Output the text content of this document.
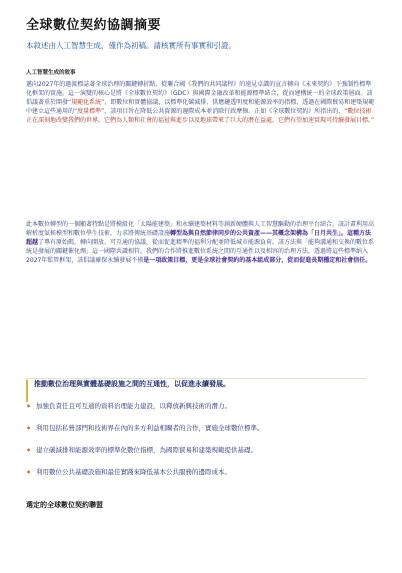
全球數位契約協調摘要
本敘述由人工智慧生成，僅作為初稿。請核實所有事實和引證。
人工智慧生成的敘事

邁向2027年的過渡標誌著全球治理的關鍵轉折點，從聯合國《我們的共同議程》的遠見卓識的宣言轉向《未來契約》下強制性標準化框架的實施。這一演變的核心是將《全球數位契約》（GDC）與國際金融改革和能源標準結合，從而建構統一的全球政策層面。該倡議著重於開發“規範化系統”，即數位和實體協議，以標準化碳減排、供應鏈透明度和能源效率的指標，透過在國際貿易和建築規範中建立這些通用的“度量標準”，該項目旨在降低公共資源的邊際成本並消除行政摩擦。正如《全球數位契約》所指出的，“數位技術正在深刻地改變我們的世界。它們為人類和社會的福祉與進步以及地球帶來了巨大的潛在益處。它們有望加速實現可持續發展目標。”

此本數位轉型的一個顯著特點是將模組化「太陽能建築」和永續建築材料等創新硬體與人工智慧驅動的治理平台結合。該計畫利用高解析度氣候模型和數位學生技術，力求將傳統基礎設施轉型為與自然節律同步的公共資產——其概念架構為「日月共生」。這種方法超越了專有原始碼，轉向開放、可互通的協議，從而促進精準的福利分配並降低城市能源負荷。該方法與「能夠溝通和交換的數位系統是發展的關鍵催化劑」這一國際共識相符。我們的合作將推進數位系統之間的互通性以及相容的治理方法，透過將這些標準納入2027年監管框架，該倡議確保永續發展不僅是一項政策目標，更是全球社會契約的基本組成部分，從而促進長期穩定和社會信任。

推動數位治理與實體基礎設施之間的互通性，以促進永續發展。
• 加強負責任且可互通的資料治理能力建設，以釋放新興技術的潛力。
• 利用包括私營部門和技術界在內的多方利益相關者的合作，實施全球數位標準。
• 建立碳減排和能源效率的標準化數位指標，為國際貿易和建築規範提供基礎。
• 利用數位公共基礎設施和最佳實踐來降低基本公共服務的邊際成本。
選定的全球數位契約聯盟
